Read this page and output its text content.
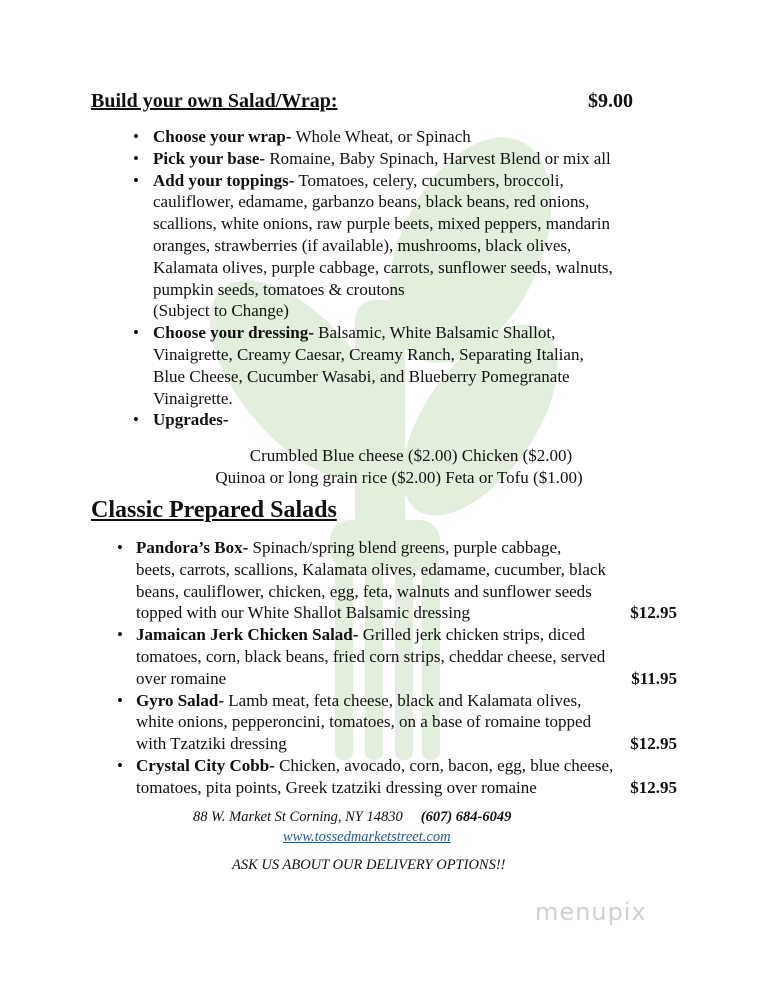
Build your own Salad/Wrap:	$9.00
• Choose your wrap- Whole Wheat, or Spinach
• Pick your base- Romaine, Baby Spinach, Harvest Blend or mix all
• Add your toppings- Tomatoes, celery, cucumbers, broccoli,
cauliflower, edamame, garbanzo beans, black beans, red onions,
scallions, white onions, raw purple beets, mixed peppers, mandarin
oranges, strawberries (if available), mushrooms, black olives,
Kalamata olives, purple cabbage, carrots, sunflower seeds, walnuts,
pumpkin seeds, tomatoes & croutons
(Subject to Change)
• Choose your dressing- Balsamic, White Balsamic Shallot,
Vinaigrette, Creamy Caesar, Creamy Ranch, Separating Italian,
Blue Cheese, Cucumber Wasabi, and Blueberry Pomegranate
Vinaigrette.
• Upgrades-
Crumbled Blue cheese ($2.00) Chicken ($2.00)
Quinoa or long grain rice ($2.00) Feta or Tofu ($1.00)
Classic Prepared Salads
• Pandora’s Box- Spinach/spring blend greens, purple cabbage,
beets, carrots, scallions, Kalamata olives, edamame, cucumber, black
beans, cauliflower, chicken, egg, feta, walnuts and sunflower seeds
topped with our White Shallot Balsamic dressing	$12.95
• Jamaican Jerk Chicken Salad- Grilled jerk chicken strips, diced
tomatoes, corn, black beans, fried corn strips, cheddar cheese, served
over romaine	$11.95
• Gyro Salad- Lamb meat, feta cheese, black and Kalamata olives,
white onions, pepperoncini, tomatoes, on a base of romaine topped
with Tzatziki dressing	$12.95
• Crystal City Cobb- Chicken, avocado, corn, bacon, egg, blue cheese,
tomatoes, pita points, Greek tzatziki dressing over romaine	$12.95
88 W. Market St Corning, NY 14830 (607) 684-6049
www.tossedmarketstreet.com
ASK US ABOUT OUR DELIVERY OPTIONS!!
menupix
